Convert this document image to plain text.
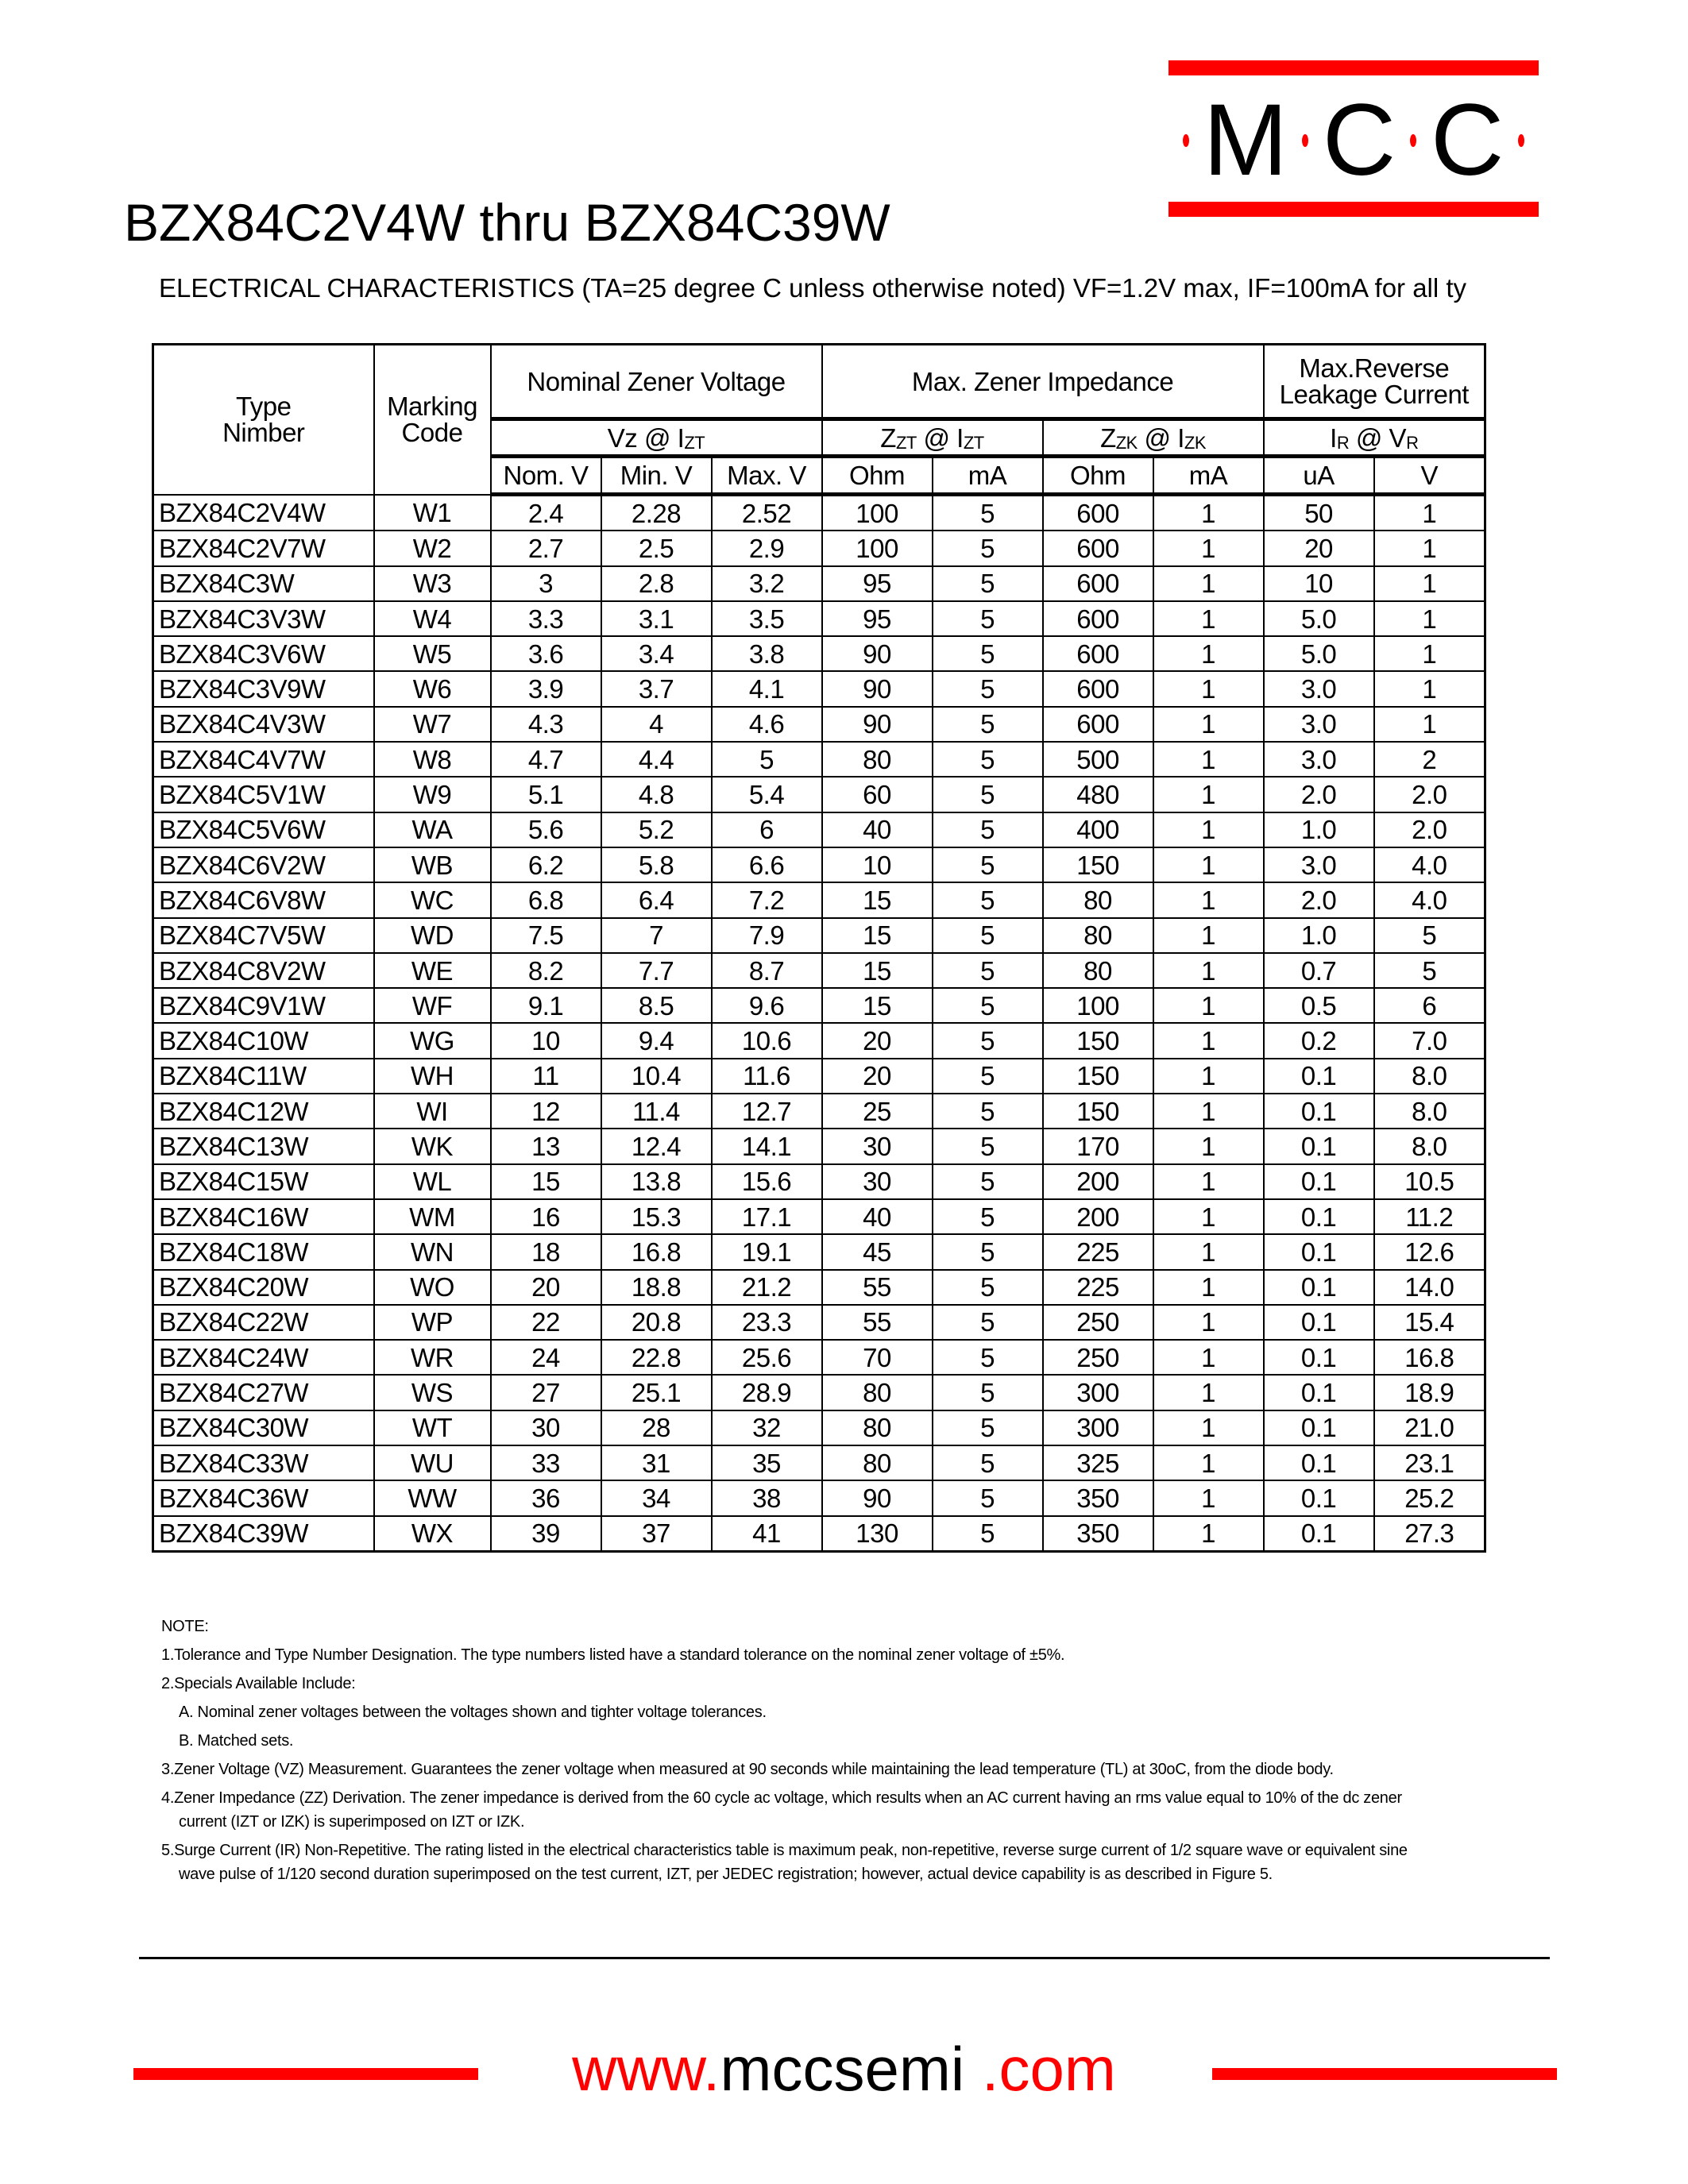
M C C
BZX84C2V4W thru BZX84C39W
ELECTRICAL CHARACTERISTICS (TA=25 degree C unless otherwise noted) VF=1.2V max, IF=100mA for all ty
Type
Nimber	Marking
Code	Nominal Zener Voltage			Max. Zener Impedance				Max.Reverse
Leakage Current	
		Vz @ $I_{ZT}$			$Z_{ZT}$ @ $I_{ZT}$		$Z_{ZK}$ @ $I_{ZK}$		$I_R$ @ $V_R$
		Nom. V	Min. V	Max. V	Ohm	mA	Ohm	mA	uA	V
BZX84C2V4W	W1	2.4	2.28	2.52	100	5	600	1	50	1
BZX84C2V7W	W2	2.7	2.5	2.9	100	5	600	1	20	1
BZX84C3W	W3	3	2.8	3.2	95	5	600	1	10	1
BZX84C3V3W	W4	3.3	3.1	3.5	95	5	600	1	5.0	1
BZX84C3V6W	W5	3.6	3.4	3.8	90	5	600	1	5.0	1
BZX84C3V9W	W6	3.9	3.7	4.1	90	5	600	1	3.0	1
BZX84C4V3W	W7	4.3	4	4.6	90	5	600	1	3.0	1
BZX84C4V7W	W8	4.7	4.4	5	80	5	500	1	3.0	2
BZX84C5V1W	W9	5.1	4.8	5.4	60	5	480	1	2.0	2.0
BZX84C5V6W	WA	5.6	5.2	6	40	5	400	1	1.0	2.0
BZX84C6V2W	WB	6.2	5.8	6.6	10	5	150	1	3.0	4.0
BZX84C6V8W	WC	6.8	6.4	7.2	15	5	80	1	2.0	4.0
BZX84C7V5W	WD	7.5	7	7.9	15	5	80	1	1.0	5
BZX84C8V2W	WE	8.2	7.7	8.7	15	5	80	1	0.7	5
BZX84C9V1W	WF	9.1	8.5	9.6	15	5	100	1	0.5	6
BZX84C10W	WG	10	9.4	10.6	20	5	150	1	0.2	7.0
BZX84C11W	WH	11	10.4	11.6	20	5	150	1	0.1	8.0
BZX84C12W	WI	12	11.4	12.7	25	5	150	1	0.1	8.0
BZX84C13W	WK	13	12.4	14.1	30	5	170	1	0.1	8.0
BZX84C15W	WL	15	13.8	15.6	30	5	200	1	0.1	10.5
BZX84C16W	WM	16	15.3	17.1	40	5	200	1	0.1	11.2
BZX84C18W	WN	18	16.8	19.1	45	5	225	1	0.1	12.6
BZX84C20W	WO	20	18.8	21.2	55	5	225	1	0.1	14.0
BZX84C22W	WP	22	20.8	23.3	55	5	250	1	0.1	15.4
BZX84C24W	WR	24	22.8	25.6	70	5	250	1	0.1	16.8
BZX84C27W	WS	27	25.1	28.9	80	5	300	1	0.1	18.9
BZX84C30W	WT	30	28	32	80	5	300	1	0.1	21.0
BZX84C33W	WU	33	31	35	80	5	325	1	0.1	23.1
BZX84C36W	WW	36	34	38	90	5	350	1	0.1	25.2
BZX84C39W	WX	39	37	41	130	5	350	1	0.1	27.3
NOTE:
1.Tolerance and Type Number Designation. The type numbers listed have a standard tolerance on the nominal zener voltage of ±5%.
2.Specials Available Include:
A. Nominal zener voltages between the voltages shown and tighter voltage tolerances.
B. Matched sets.
3.Zener Voltage (VZ) Measurement. Guarantees the zener voltage when measured at 90 seconds while maintaining the lead temperature (TL) at 30oC, from the diode body.
4.Zener Impedance (ZZ) Derivation. The zener impedance is derived from the 60 cycle ac voltage, which results when an AC current having an rms value equal to 10% of the dc zener
current (IZT or IZK) is superimposed on IZT or IZK.
5.Surge Current (IR) Non-Repetitive. The rating listed in the electrical characteristics table is maximum peak, non-repetitive, reverse surge current of 1/2 square wave or equivalent sine
wave pulse of 1/120 second duration superimposed on the test current, IZT, per JEDEC registration; however, actual device capability is as described in Figure 5.
www.mccsemi .com
